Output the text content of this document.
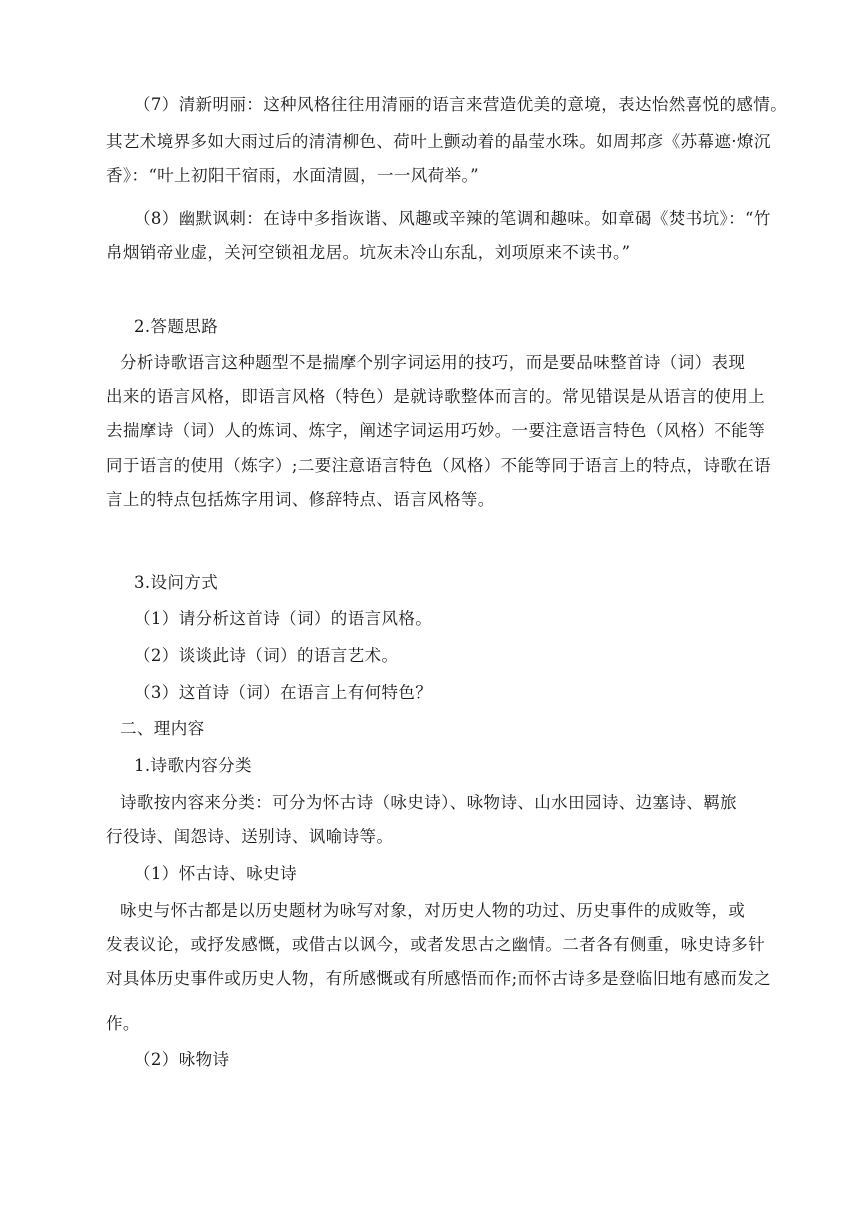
（7）清新明丽：这种风格往往用清丽的语言来营造优美的意境，表达怡然喜悦的感情。
其艺术境界多如大雨过后的清清柳色、荷叶上颤动着的晶莹水珠。如周邦彦《苏幕遮·燎沉
香》：“叶上初阳干宿雨，水面清圆，一一风荷举。”
（8）幽默讽刺：在诗中多指诙谐、风趣或辛辣的笔调和趣味。如章碣《焚书坑》：“竹
帛烟销帝业虚，关河空锁祖龙居。坑灰未冷山东乱，刘项原来不读书。”
2.答题思路
分析诗歌语言这种题型不是揣摩个别字词运用的技巧，而是要品味整首诗（词）表现
出来的语言风格，即语言风格（特色）是就诗歌整体而言的。常见错误是从语言的使用上
去揣摩诗（词）人的炼词、炼字，阐述字词运用巧妙。一要注意语言特色（风格）不能等
同于语言的使用（炼字）;二要注意语言特色（风格）不能等同于语言上的特点，诗歌在语
言上的特点包括炼字用词、修辞特点、语言风格等。
3.设问方式
（1）请分析这首诗（词）的语言风格。
（2）谈谈此诗（词）的语言艺术。
（3）这首诗（词）在语言上有何特色？
二、理内容
1.诗歌内容分类
诗歌按内容来分类：可分为怀古诗（咏史诗）、咏物诗、山水田园诗、边塞诗、羁旅
行役诗、闺怨诗、送别诗、讽喻诗等。
（1）怀古诗、咏史诗
咏史与怀古都是以历史题材为咏写对象，对历史人物的功过、历史事件的成败等，或
发表议论，或抒发感慨，或借古以讽今，或者发思古之幽情。二者各有侧重，咏史诗多针
对具体历史事件或历史人物，有所感慨或有所感悟而作;而怀古诗多是登临旧地有感而发之
作。
（2）咏物诗
